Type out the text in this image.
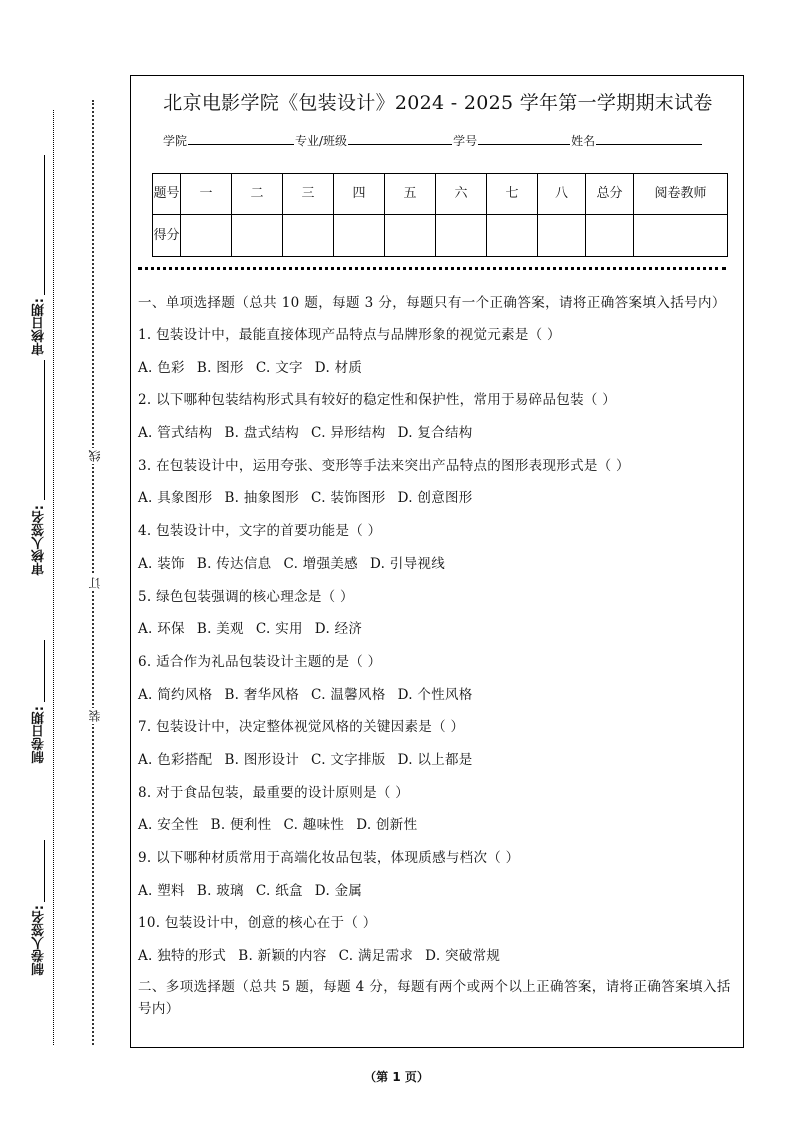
审核日期:
审核人签名:
制卷日期:
制卷人签名:
线
订
装
北京电影学院《包装设计》2024 - 2025 学年第一学期期末试卷
学院	专业/班级	学号	姓名
题号	一	二	三	四	五	六	七	八	总分	阅卷教师
得分										
一、单项选择题（总共 10 题，每题 3 分，每题只有一个正确答案，请将正确答案填入括号内）
1. 包装设计中，最能直接体现产品特点与品牌形象的视觉元素是（ ）
A. 色彩 B. 图形 C. 文字 D. 材质
2. 以下哪种包装结构形式具有较好的稳定性和保护性，常用于易碎品包装（ ）
A. 管式结构 B. 盘式结构 C. 异形结构 D. 复合结构
3. 在包装设计中，运用夸张、变形等手法来突出产品特点的图形表现形式是（ ）
A. 具象图形 B. 抽象图形 C. 装饰图形 D. 创意图形
4. 包装设计中，文字的首要功能是（ ）
A. 装饰 B. 传达信息 C. 增强美感 D. 引导视线
5. 绿色包装强调的核心理念是（ ）
A. 环保 B. 美观 C. 实用 D. 经济
6. 适合作为礼品包装设计主题的是（ ）
A. 简约风格 B. 奢华风格 C. 温馨风格 D. 个性风格
7. 包装设计中，决定整体视觉风格的关键因素是（ ）
A. 色彩搭配 B. 图形设计 C. 文字排版 D. 以上都是
8. 对于食品包装，最重要的设计原则是（ ）
A. 安全性 B. 便利性 C. 趣味性 D. 创新性
9. 以下哪种材质常用于高端化妆品包装，体现质感与档次（ ）
A. 塑料 B. 玻璃 C. 纸盒 D. 金属
10. 包装设计中，创意的核心在于（ ）
A. 独特的形式 B. 新颖的内容 C. 满足需求 D. 突破常规
二、多项选择题（总共 5 题，每题 4 分，每题有两个或两个以上正确答案，请将正确答案填入括号内）
（第 1 页）
